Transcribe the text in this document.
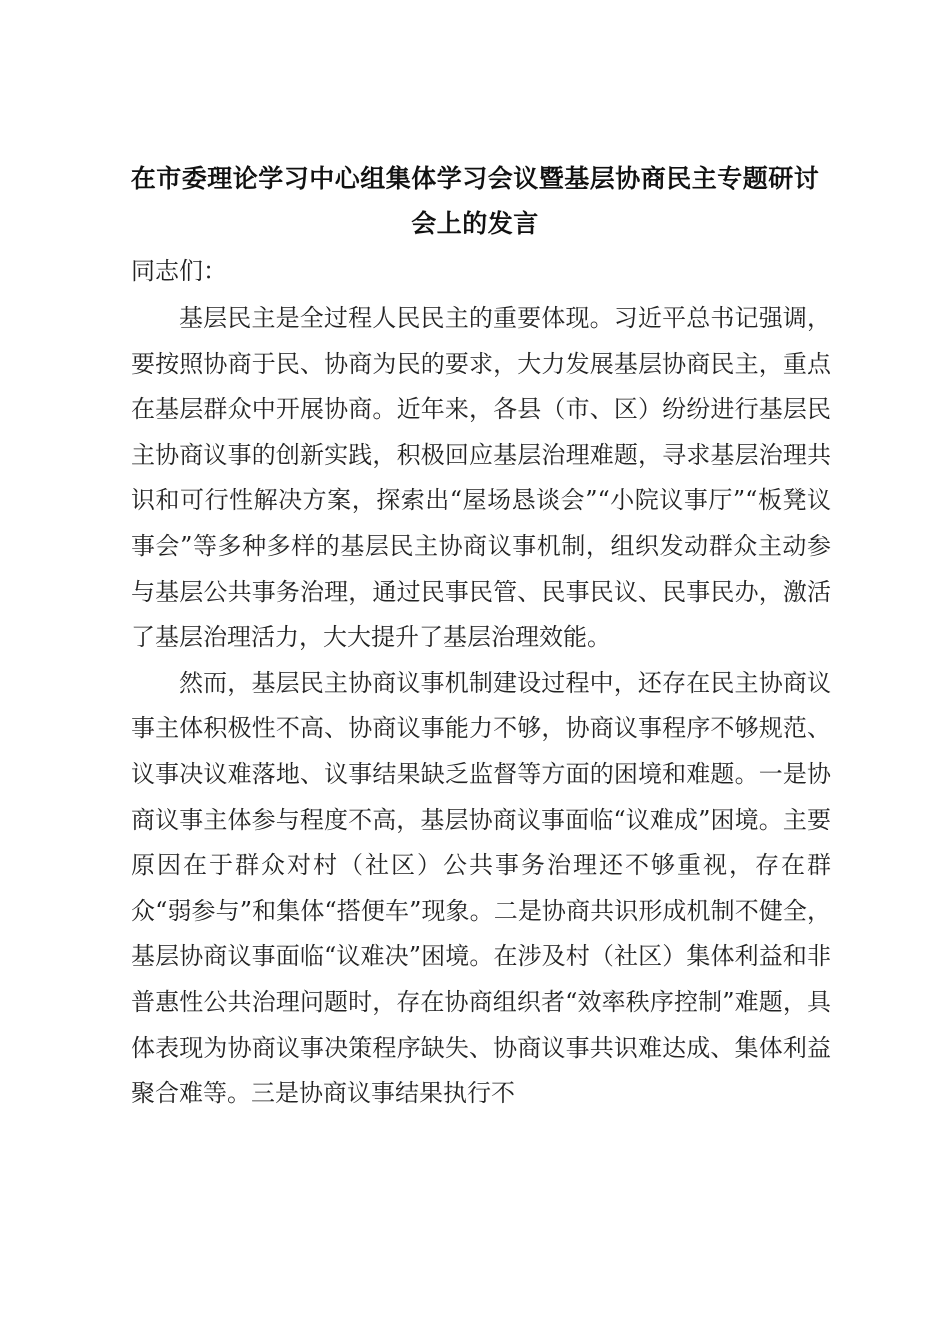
在市委理论学习中心组集体学习会议暨基层协商民主专题研讨会上的发言

同志们：

基层民主是全过程人民民主的重要体现。习近平总书记强调，要按照协商于民、协商为民的要求，大力发展基层协商民主，重点在基层群众中开展协商。近年来，各县（市、区）纷纷进行基层民主协商议事的创新实践，积极回应基层治理难题，寻求基层治理共识和可行性解决方案，探索出“屋场恳谈会”“小院议事厅”“板凳议事会”等多种多样的基层民主协商议事机制，组织发动群众主动参与基层公共事务治理，通过民事民管、民事民议、民事民办，激活了基层治理活力，大大提升了基层治理效能。

然而，基层民主协商议事机制建设过程中，还存在民主协商议事主体积极性不高、协商议事能力不够，协商议事程序不够规范、议事决议难落地、议事结果缺乏监督等方面的困境和难题。一是协商议事主体参与程度不高，基层协商议事面临“议难成”困境。主要原因在于群众对村（社区）公共事务治理还不够重视，存在群众“弱参与”和集体“搭便车”现象。二是协商共识形成机制不健全，基层协商议事面临“议难决”困境。在涉及村（社区）集体利益和非普惠性公共治理问题时，存在协商组织者“效率秩序控制”难题，具体表现为协商议事决策程序缺失、协商议事共识难达成、集体利益聚合难等。三是协商议事结果执行不
